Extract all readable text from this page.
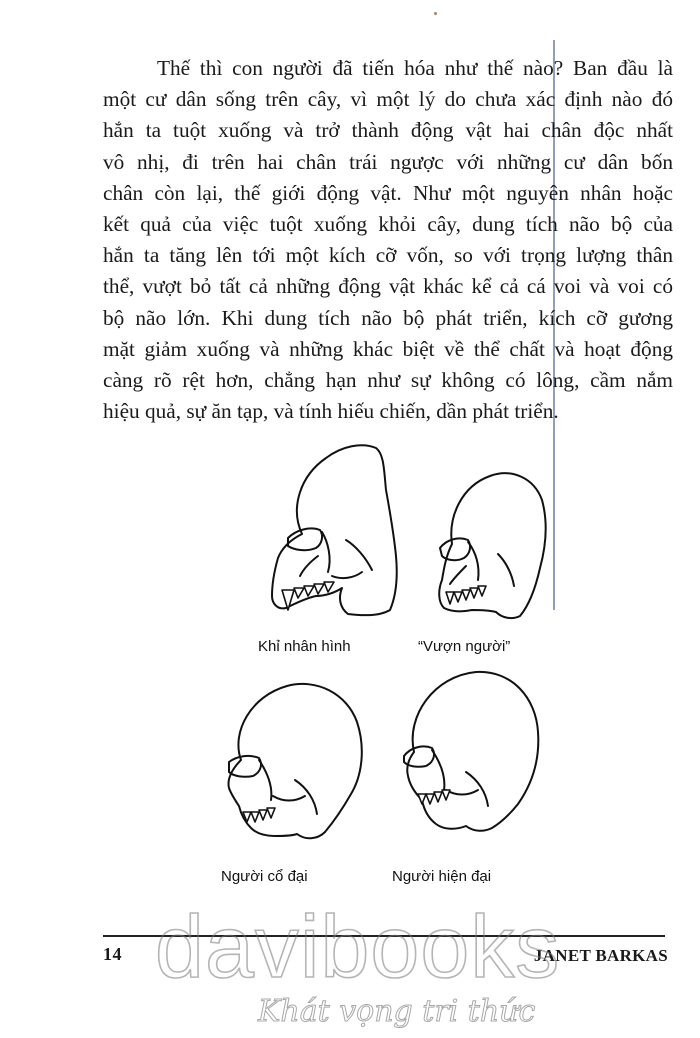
Thế thì con người đã tiến hóa như thế nào? Ban đầu là
một cư dân sống trên cây, vì một lý do chưa xác định nào đó
hắn ta tuột xuống và trở thành động vật hai chân độc nhất
vô nhị, đi trên hai chân trái ngược với những cư dân bốn
chân còn lại, thế giới động vật. Như một nguyên nhân hoặc
kết quả của việc tuột xuống khỏi cây, dung tích não bộ của
hắn ta tăng lên tới một kích cỡ vốn, so với trọng lượng thân
thể, vượt bỏ tất cả những động vật khác kể cả cá voi và voi có
bộ não lớn. Khi dung tích não bộ phát triển, kích cỡ gương
mặt giảm xuống và những khác biệt về thể chất và hoạt động
càng rõ rệt hơn, chẳng hạn như sự không có lông, cầm nắm
hiệu quả, sự ăn tạp, và tính hiếu chiến, dần phát triển.
Khỉ nhân hình	“Vượn người”
Người cổ đại	Người hiện đại
14	JANET BARKAS
davibooks
Khát vọng tri thức
